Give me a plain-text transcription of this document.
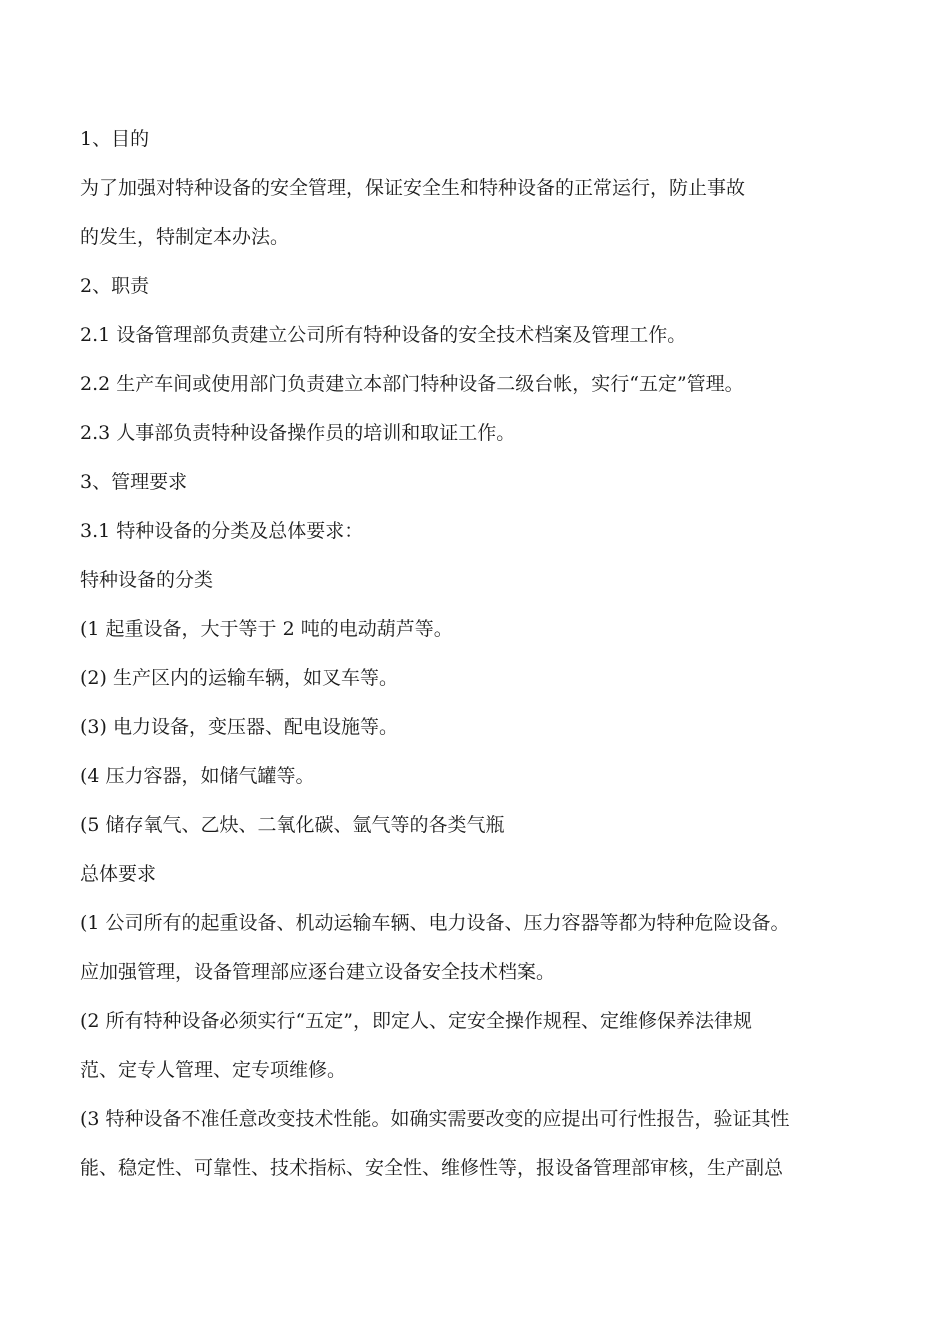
1、目的
为了加强对特种设备的安全管理，保证安全生和特种设备的正常运行，防止事故
的发生，特制定本办法。
2、职责
2.1 设备管理部负责建立公司所有特种设备的安全技术档案及管理工作。
2.2 生产车间或使用部门负责建立本部门特种设备二级台帐，实行“五定”管理。
2.3 人事部负责特种设备操作员的培训和取证工作。
3、管理要求
3.1 特种设备的分类及总体要求：
特种设备的分类
(1 起重设备，大于等于 2 吨的电动葫芦等。
(2) 生产区内的运输车辆，如叉车等。
(3) 电力设备，变压器、配电设施等。
(4 压力容器，如储气罐等。
(5 储存氧气、乙炔、二氧化碳、氩气等的各类气瓶
总体要求
(1 公司所有的起重设备、机动运输车辆、电力设备、压力容器等都为特种危险设备。
应加强管理，设备管理部应逐台建立设备安全技术档案。
(2 所有特种设备必须实行“五定”，即定人、定安全操作规程、定维修保养法律规
范、定专人管理、定专项维修。
(3 特种设备不准任意改变技术性能。如确实需要改变的应提出可行性报告，验证其性
能、稳定性、可靠性、技术指标、安全性、维修性等，报设备管理部审核，生产副总
